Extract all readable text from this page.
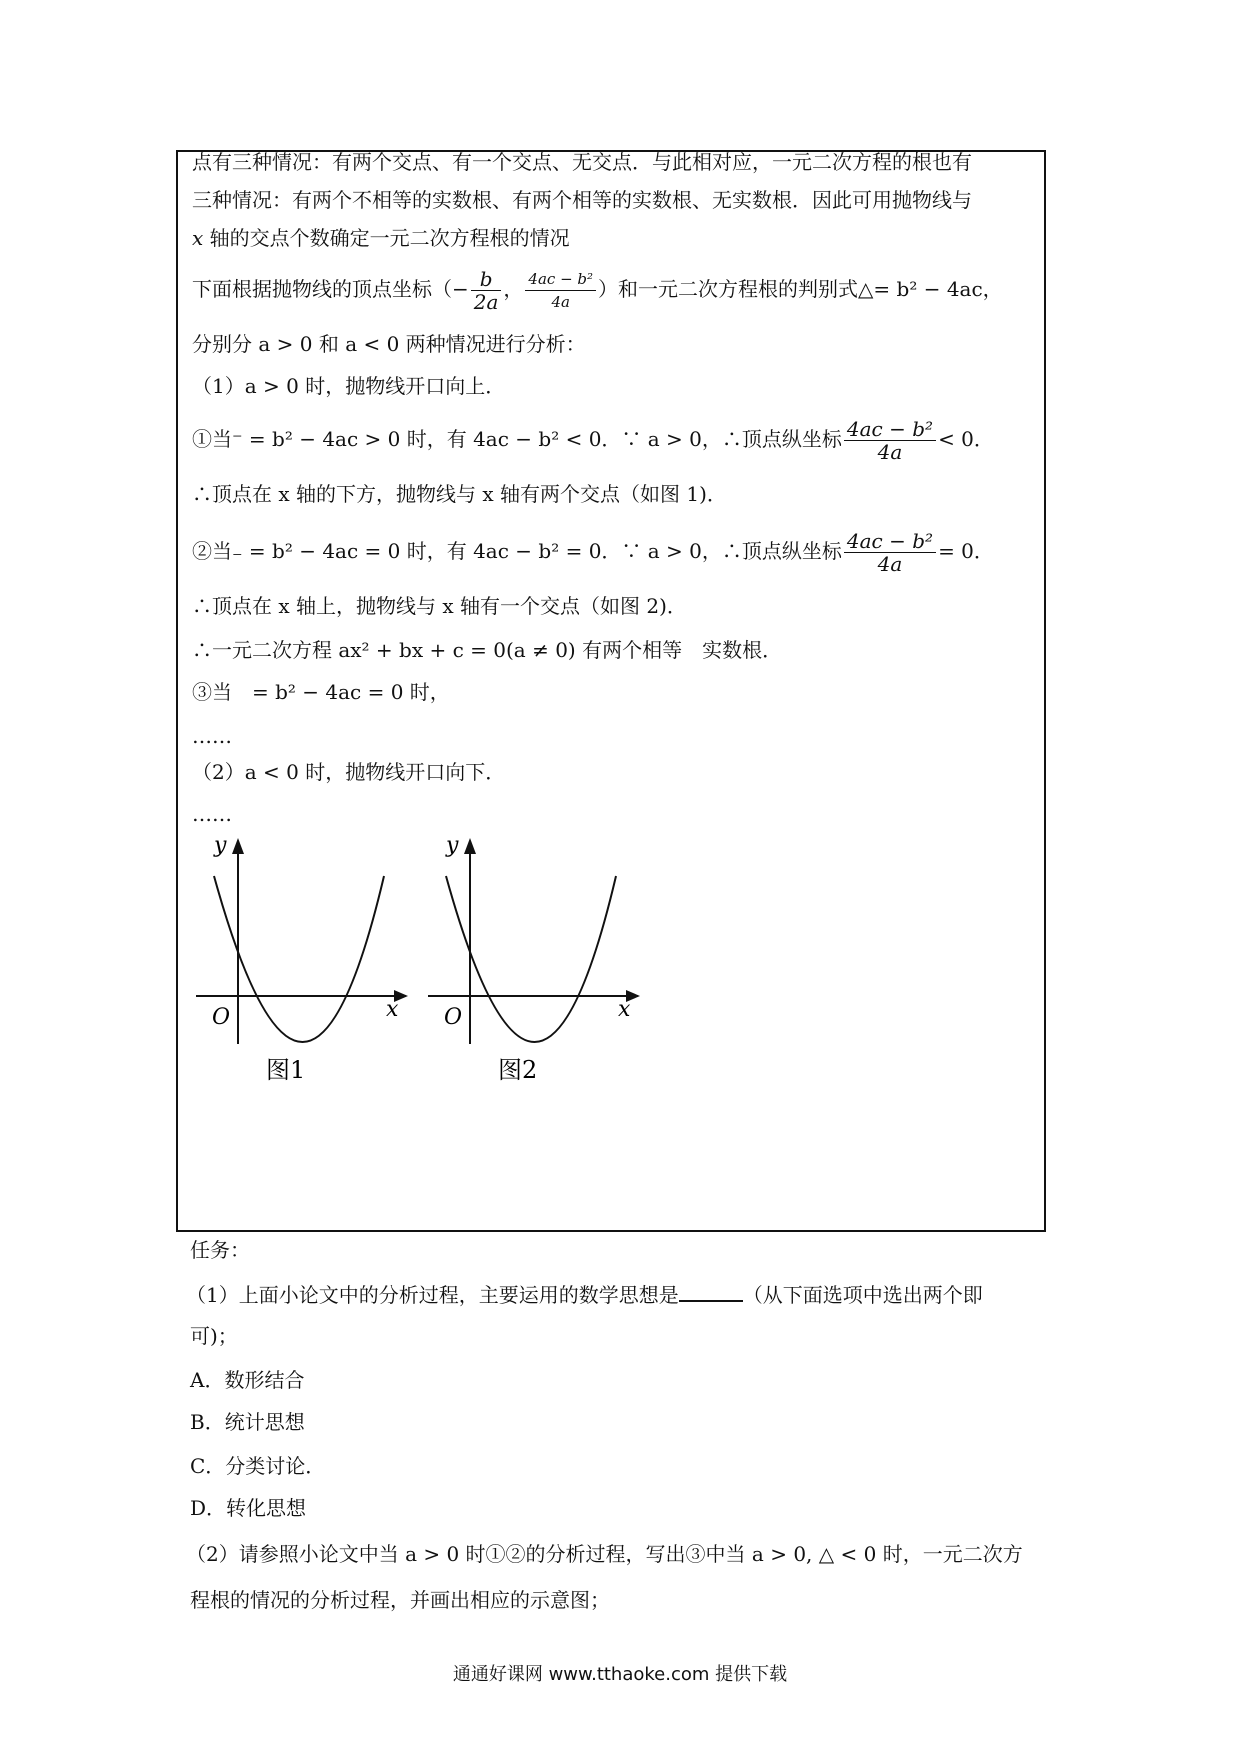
点有三种情况：有两个交点、有一个交点、无交点．与此相对应，一元二次方程的根也有
三种情况：有两个不相等的实数根、有两个相等的实数根、无实数根．因此可用抛物线与
x 轴的交点个数确定一元二次方程根的情况
下面根据抛物线的顶点坐标（− $\frac{b}{2a}$ ， $\frac{\text{4ac − b²}}{4a}$ ）和一元二次方程根的判别式△= b² − 4ac，
分别分 a > 0 和 a < 0 两种情况进行分析：
（1）a > 0 时，抛物线开口向上．
①当⁻ = b² − 4ac > 0 时，有 4ac − b² < 0．∵ a > 0，∴顶点纵坐标 $\frac{\text{4ac − b²}}{4a} < 0$．
∴顶点在 x 轴的下方，抛物线与 x 轴有两个交点（如图 1)．
②当₋ = b² − 4ac = 0 时，有 4ac − b² = 0．∵ a > 0，∴顶点纵坐标 $\frac{\text{4ac − b²}}{4a} = 0$．
∴顶点在 x 轴上，抛物线与 x 轴有一个交点（如图 2)．
∴一元二次方程 ax² + bx + c = 0(a ≠ 0) 有两个相等　实数根．
③当　= b² − 4ac = 0 时，
……
（2）a < 0 时，抛物线开口向下．
……
y
x
O
图1
y
x
O
图2
任务：
（1）上面小论文中的分析过程，主要运用的数学思想是	（从下面选项中选出两个即
可)；
A．数形结合
B．统计思想
C．分类讨论．
D．转化思想
（2）请参照小论文中当 a > 0 时①②的分析过程，写出③中当 a > 0, △ < 0 时，一元二次方
程根的情况的分析过程，并画出相应的示意图；
通通好课网 www.tthaoke.com 提供下载
